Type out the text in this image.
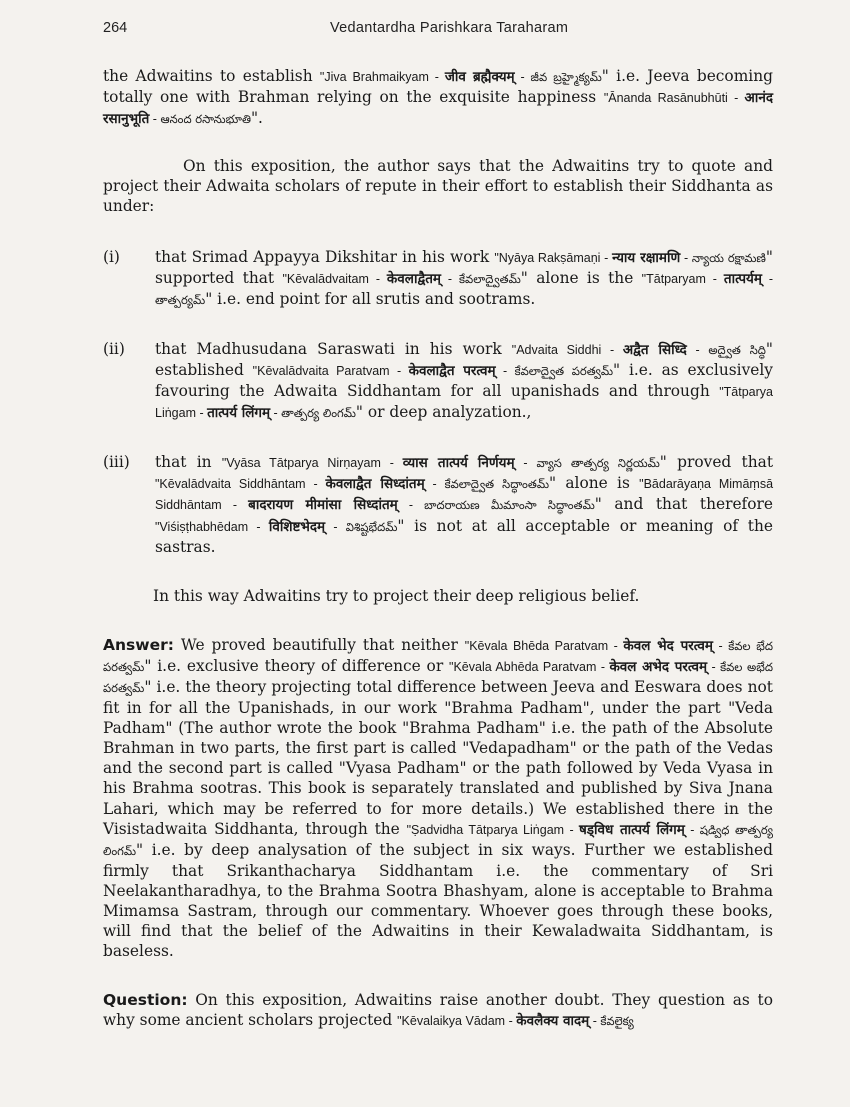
264	Vedantardha Parishkara Taraharam

the Adwaitins to establish "Jiva Brahmaikyam - जीव ब्रह्मैक्यम् - జీవ బ్రహ్మైక్యమ్" i.e. Jeeva becoming totally one with Brahman relying on the exquisite happiness "Ānanda Rasānubhūti - आनंद रसानुभूति - ఆనంద రసానుభూతి".

On this exposition, the author says that the Adwaitins try to quote and project their Adwaita scholars of repute in their effort to establish their Siddhanta as under:

(i) that Srimad Appayya Dikshitar in his work "Nyāya Rakṣāmaṇi - न्याय रक्षामणि - న్యాయ రక్షామణి" supported that "Kēvalādvaitam - केवलाद्वैतम् - కేవలాద్వైతమ్" alone is the "Tātparyam - तात्पर्यम् - తాత్పర్యమ్" i.e. end point for all srutis and sootrams.

(ii) that Madhusudana Saraswati in his work "Advaita Siddhi - अद्वैत सिध्दि - అద్వైత సిద్ధి" established "Kēvalādvaita Paratvam - केवलाद्वैत परत्वम् - కేవలాద్వైత పరత్వమ్" i.e. as exclusively favouring the Adwaita Siddhantam for all upanishads and through "Tātparya Liṅgam - तात्पर्य लिंगम् - తాత్పర్య లింగమ్" or deep analyzation.,

(iii) that in "Vyāsa Tātparya Nirṇayam - व्यास तात्पर्य निर्णयम् - వ్యాస తాత్పర్య నిర్ణయమ్" proved that "Kēvalādvaita Siddhāntam - केवलाद्वैत सिध्दांतम् - కేవలాద్వైత సిద్ధాంతమ్" alone is "Bādarāyaṇa Mimāṃsā Siddhāntam - बादरायण मीमांसा सिध्दांतम् - బాదరాయణ మీమాంసా సిద్ధాంతమ్" and that therefore "Viśiṣṭhabhēdam - विशिष्टभेदम् - విశిష్టభేదమ్" is not at all acceptable or meaning of the sastras.

In this way Adwaitins try to project their deep religious belief.

Answer: We proved beautifully that neither "Kēvala Bhēda Paratvam - केवल भेद परत्वम् - కేవల భేద పరత్వమ్" i.e. exclusive theory of difference or "Kēvala Abhēda Paratvam - केवल अभेद परत्वम् - కేవల అభేద పరత్వమ్" i.e. the theory projecting total difference between Jeeva and Eeswara does not fit in for all the Upanishads, in our work "Brahma Padham", under the part "Veda Padham" (The author wrote the book "Brahma Padham" i.e. the path of the Absolute Brahman in two parts, the first part is called "Vedapadham" or the path of the Vedas and the second part is called "Vyasa Padham" or the path followed by Veda Vyasa in his Brahma sootras. This book is separately translated and published by Siva Jnana Lahari, which may be referred to for more details.) We established there in the Visistadwaita Siddhanta, through the "Ṣadvidha Tātparya Liṅgam - षड्विध तात्पर्य लिंगम् - షడ్విధ తాత్పర్య లింగమ్" i.e. by deep analysation of the subject in six ways. Further we established firmly that Srikanthacharya Siddhantam i.e. the commentary of Sri Neelakantharadhya, to the Brahma Sootra Bhashyam, alone is acceptable to Brahma Mimamsa Sastram, through our commentary. Whoever goes through these books, will find that the belief of the Adwaitins in their Kewaladwaita Siddhantam, is baseless.

Question: On this exposition, Adwaitins raise another doubt. They question as to why some ancient scholars projected "Kēvalaikya Vādam - केवलैक्य वादम् - కేవలైక్య
